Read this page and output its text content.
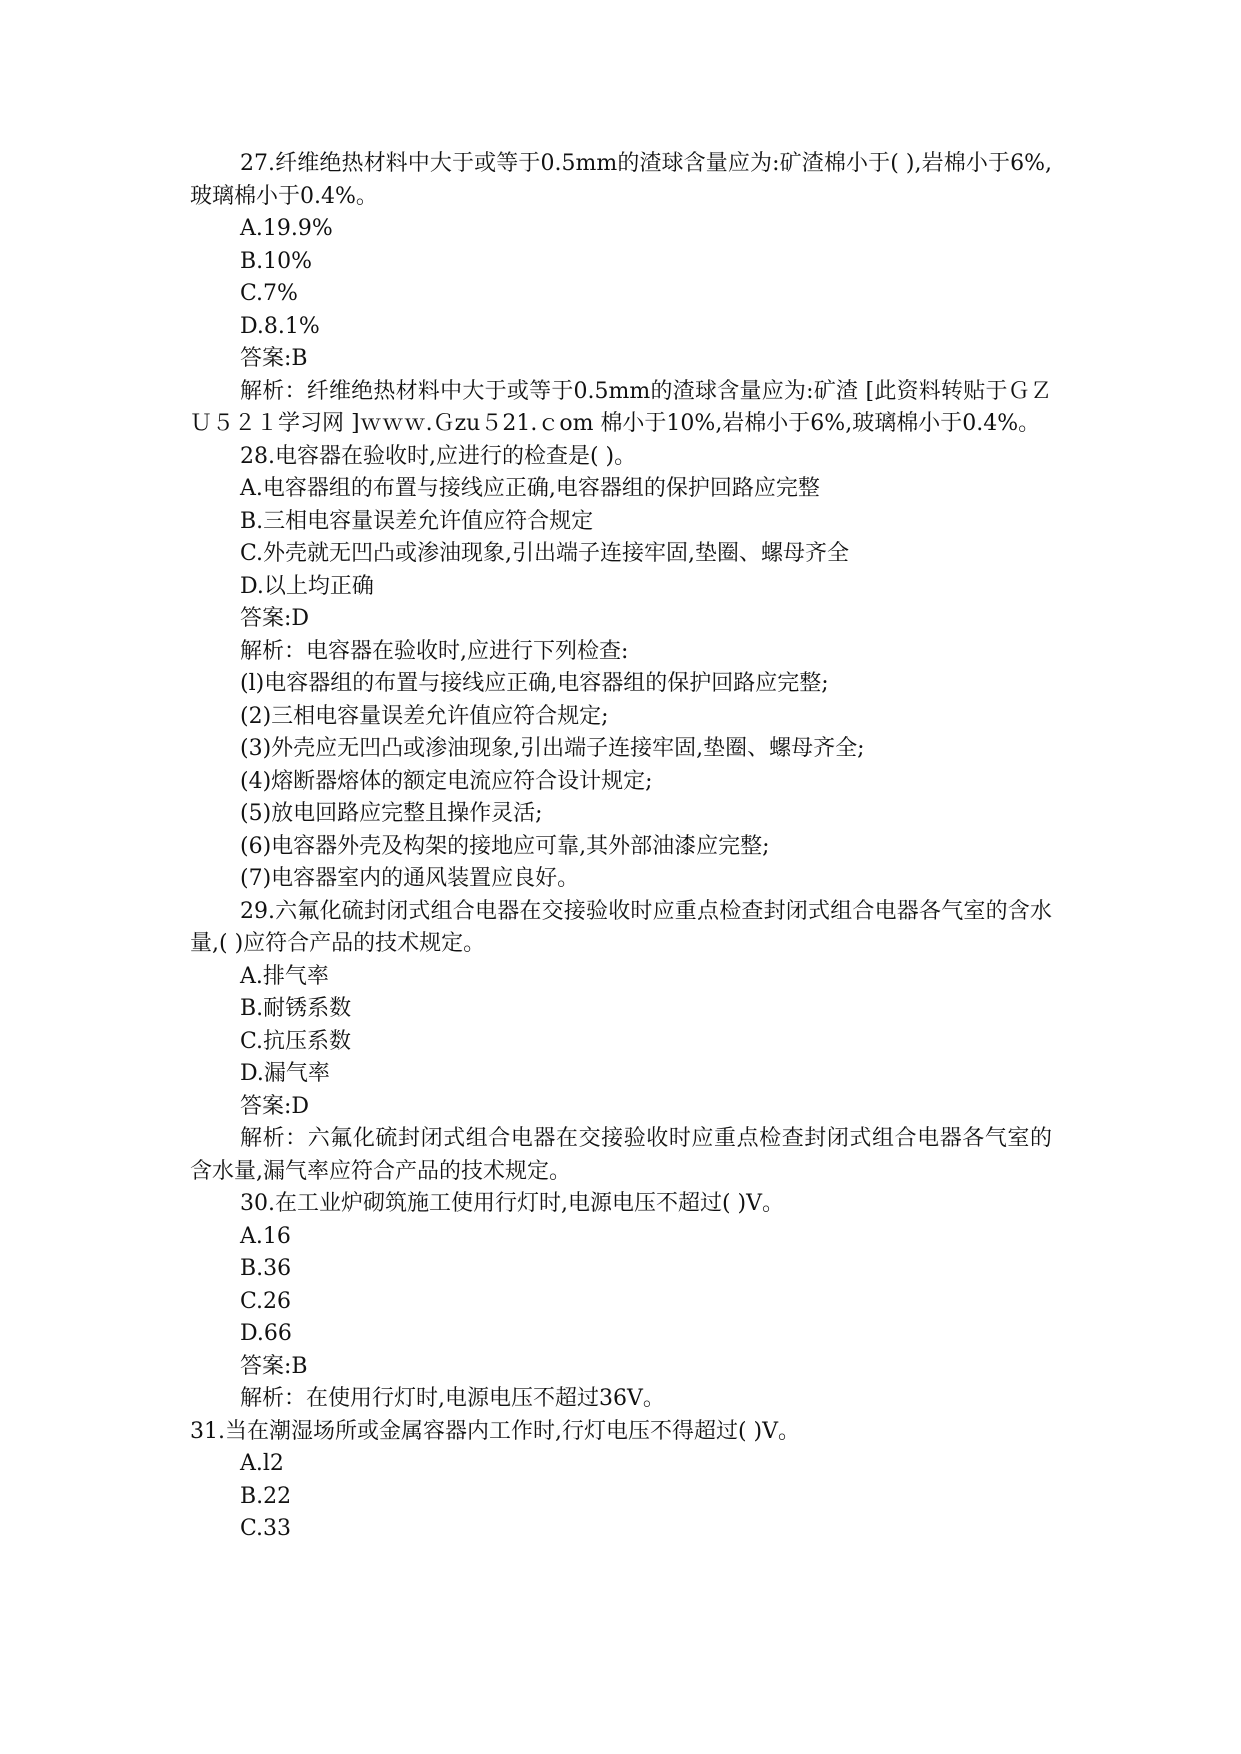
27.纤维绝热材料中大于或等于0.5mm的渣球含量应为:矿渣棉小于( ),岩棉小于6%,玻璃棉小于0.4%。

A.19.9%
B.10%
C.7%
D.8.1%
答案:B

解析：纤维绝热材料中大于或等于0.5mm的渣球含量应为:矿渣 [此资料转贴于ＧＺＵ５２１学习网 ]ｗｗｗ.Ｇzu５21.ｃom 棉小于10%,岩棉小于6%,玻璃棉小于0.4%。

28.电容器在验收时,应进行的检查是( )。
A.电容器组的布置与接线应正确,电容器组的保护回路应完整
B.三相电容量误差允许值应符合规定
C.外壳就无凹凸或渗油现象,引出端子连接牢固,垫圈、螺母齐全
D.以上均正确
答案:D
解析：电容器在验收时,应进行下列检查:
(l)电容器组的布置与接线应正确,电容器组的保护回路应完整;
(2)三相电容量误差允许值应符合规定;
(3)外壳应无凹凸或渗油现象,引出端子连接牢固,垫圈、螺母齐全;
(4)熔断器熔体的额定电流应符合设计规定;
(5)放电回路应完整且操作灵活;
(6)电容器外壳及构架的接地应可靠,其外部油漆应完整;
(7)电容器室内的通风装置应良好。

29.六氟化硫封闭式组合电器在交接验收时应重点检查封闭式组合电器各气室的含水量,( )应符合产品的技术规定。

A.排气率
B.耐锈系数
C.抗压系数
D.漏气率
答案:D

解析：六氟化硫封闭式组合电器在交接验收时应重点检查封闭式组合电器各气室的含水量,漏气率应符合产品的技术规定。

30.在工业炉砌筑施工使用行灯时,电源电压不超过( )V。
A.16
B.36
C.26
D.66
答案:B
解析：在使用行灯时,电源电压不超过36V。
31.当在潮湿场所或金属容器内工作时,行灯电压不得超过( )V。
A.l2
B.22
C.33
